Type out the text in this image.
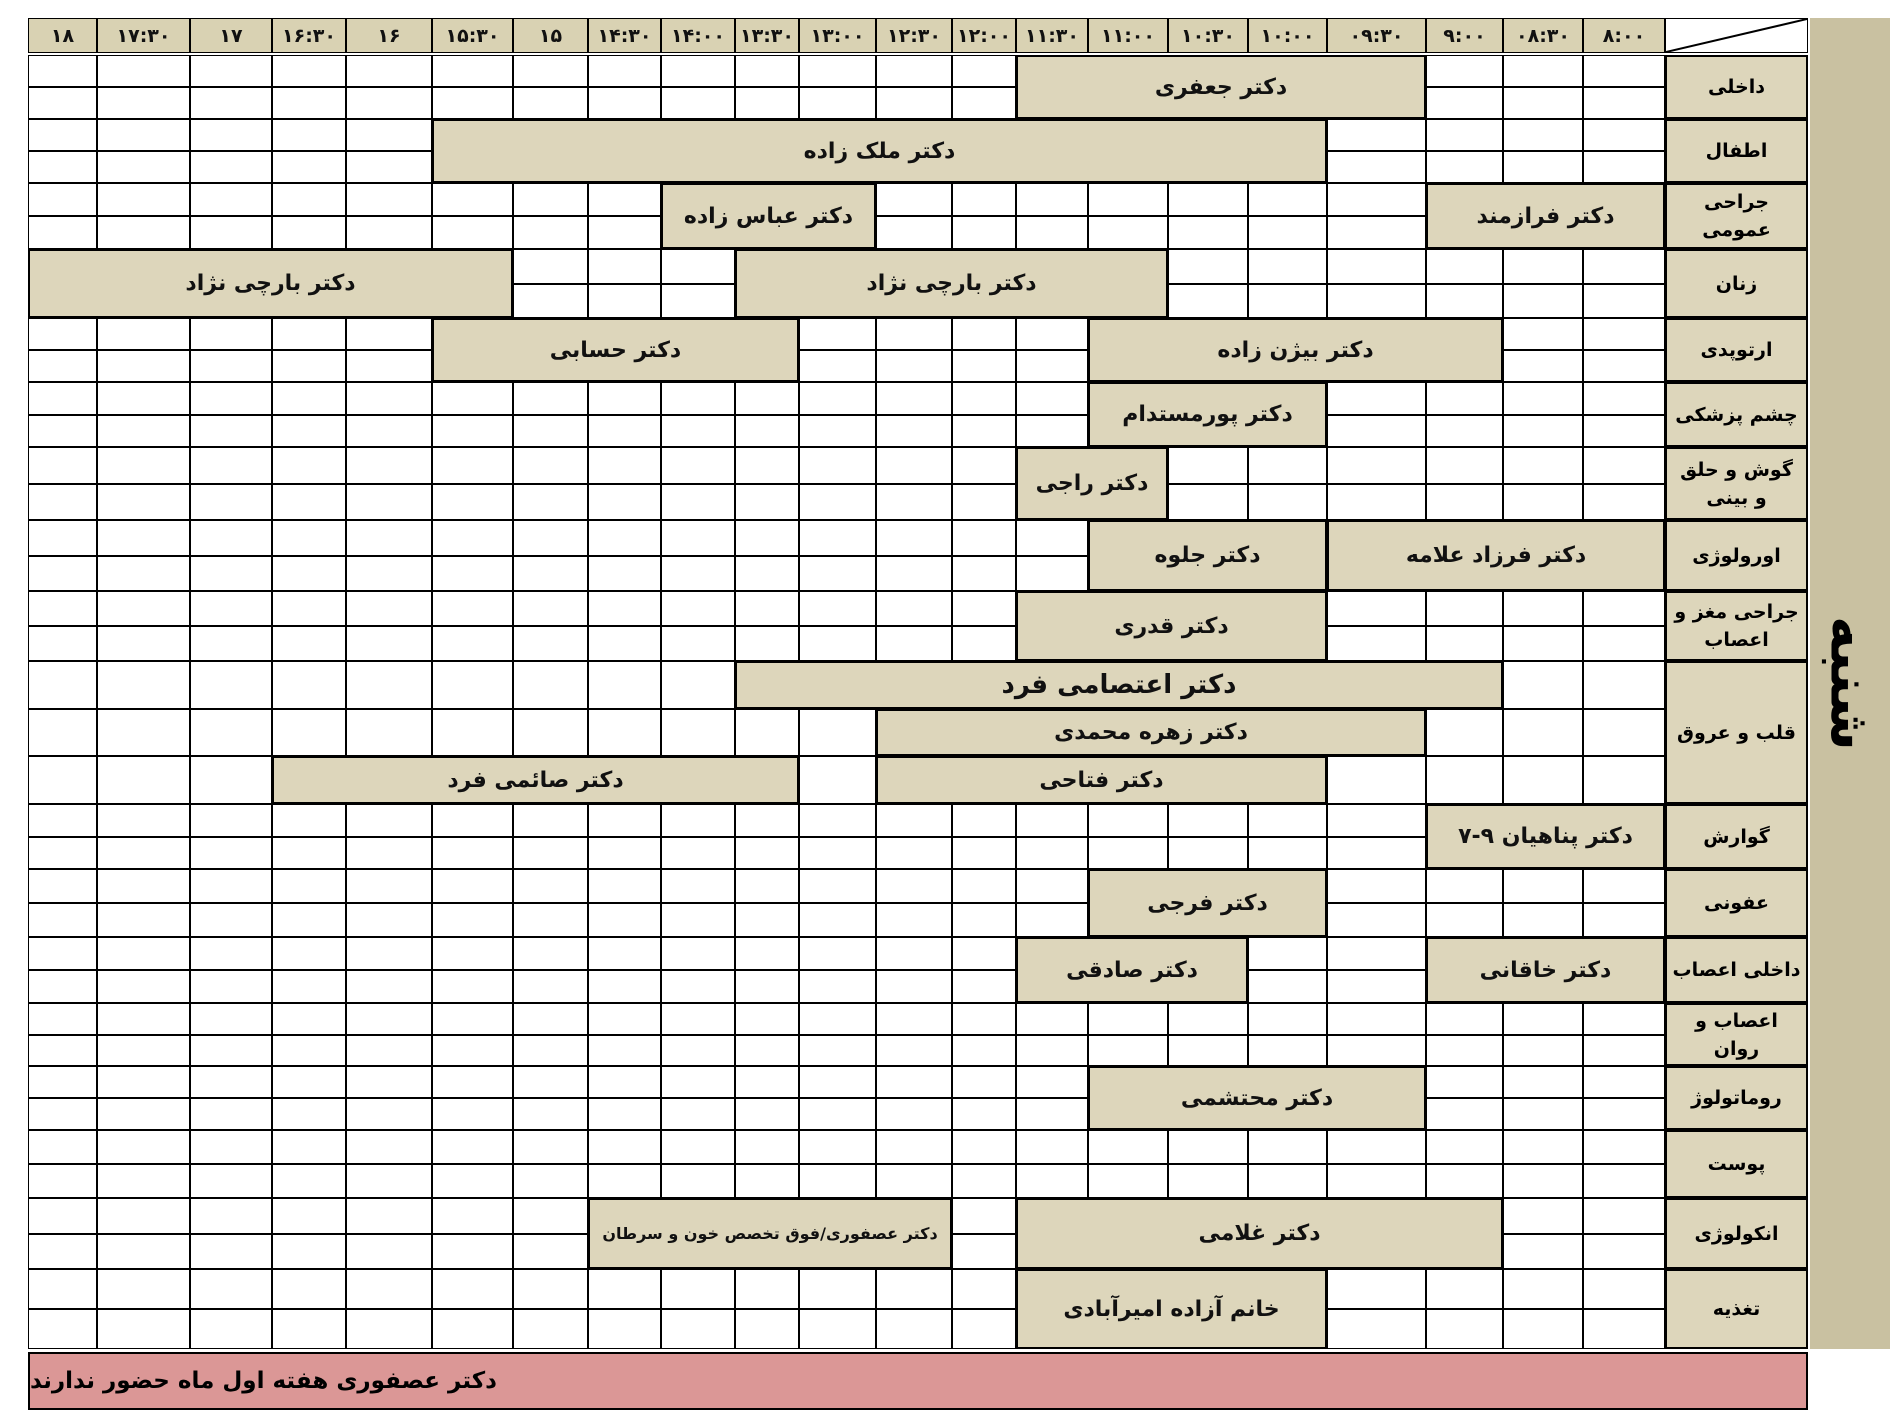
۸:۰۰
۰۸:۳۰
۹:۰۰
۰۹:۳۰
۱۰:۰۰
۱۰:۳۰
۱۱:۰۰
۱۱:۳۰
۱۲:۰۰
۱۲:۳۰
۱۳:۰۰
۱۳:۳۰
۱۴:۰۰
۱۴:۳۰
۱۵
۱۵:۳۰
۱۶
۱۶:۳۰
۱۷
۱۷:۳۰
۱۸
داخلی
اطفال
جراحی عمومی
زنان
ارتوپدی
چشم پزشکی
گوش و حلق و بینی
اورولوژی
جراحی مغز و اعصاب
قلب و عروق
گوارش
عفونی
داخلی اعصاب
اعصاب و روان
روماتولوژ
پوست
انکولوژی
تغذیه
دکتر جعفری
دکتر ملک زاده
دکتر فرازمند
دکتر عباس زاده
دکتر بارچی نژاد
دکتر بارچی نژاد
دکتر بیژن زاده
دکتر حسابی
دکتر پورمستدام
دکتر راجی
دکتر فرزاد علامه
دکتر جلوه
دکتر قدری
دکتر اعتصامی فرد
دکتر زهره محمدی
دکتر فتاحی
دکتر صائمی فرد
دکتر پناهیان ۹-۷
دکتر فرجی
دکتر خاقانی
دکتر صادقی
دکتر محتشمی
دکتر غلامی
دکتر عصفوری/فوق تخصص خون و سرطان
خانم آزاده امیرآبادی
شنبه
دکتر عصفوری هفته اول ماه حضور ندارند
